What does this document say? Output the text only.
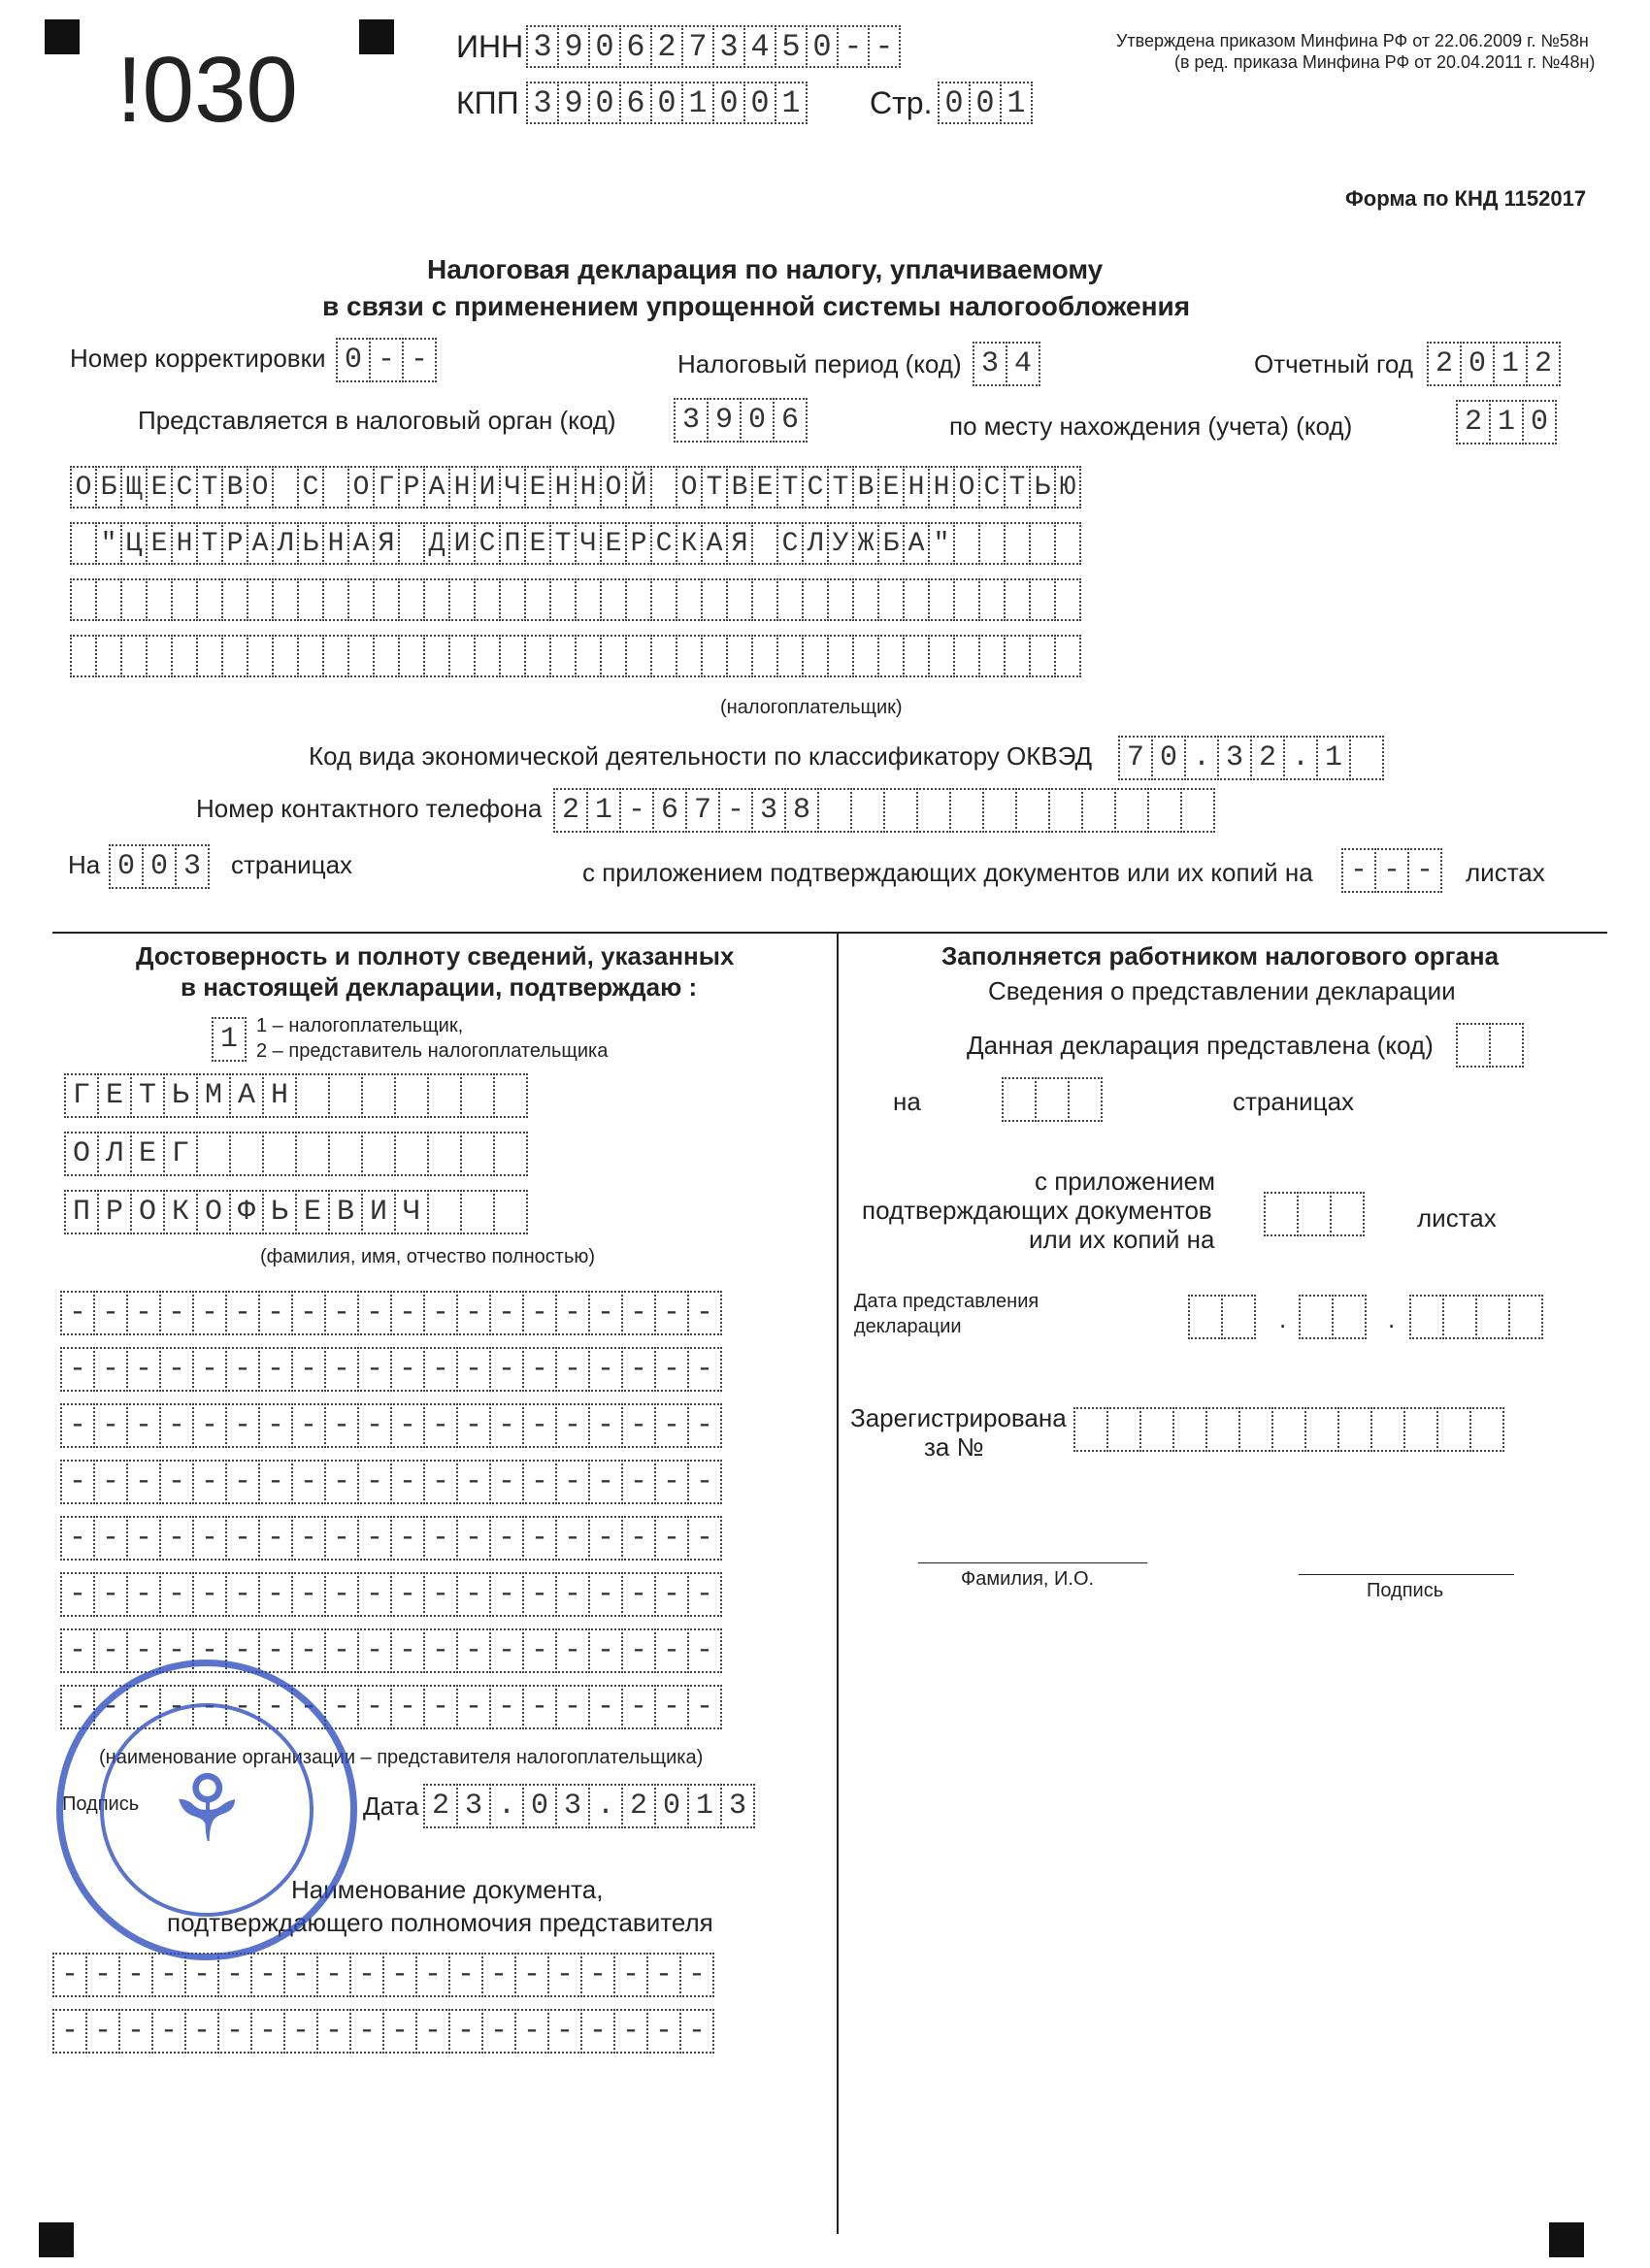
!030	ИНН 3 9 0 6 2 7 3 4 5 0 - -
КПП 3 9 0 6 0 1 0 0 1 Стр. 0 0 1
Утверждена приказом Минфина РФ от 22.06.2009 г. №58н
(в ред. приказа Минфина РФ от 20.04.2011 г. №48н)
Форма по КНД 1152017
Налоговая декларация по налогу, уплачиваемому
в связи с применением упрощенной системы налогообложения
Номер корректировки 0 - -	Налоговый период (код) 3 4	Отчетный год 2 0 1 2
Представляется в налоговый орган (код) 3 9 0 6	по месту нахождения (учета) (код)	2 1 0
О Б Щ Е С Т В О С О Г Р А Н И Ч Е Н Н О Й О Т В Е Т С Т В Е Н Н О С Т Ь Ю
" Ц Е Н Т Р А Л Ь Н А Я Д И С П Е Т Ч Е Р С К А Я С Л У Ж Б А "
(налогоплательщик)
Код вида экономической деятельности по классификатору ОКВЭД 7 0 . 3 2 . 1
Номер контактного телефона 2 1 - 6 7 - 3 8
На 0 0 3	страницах	с приложением подтверждающих документов или их копий на - - -	листах
Достоверность и полноту сведений, указанных
в настоящей декларации, подтверждаю :
1 1 – налогоплательщик,
2 – представитель налогоплательщика
Г Е Т Ь М А Н
О Л Е Г
П Р О К О Ф Ь Е В И Ч
(фамилия, имя, отчество полностью)
- - - - - - - - - - - - - - - - - - - -
- - - - - - - - - - - - - - - - - - - -
- - - - - - - - - - - - - - - - - - - -
- - - - - - - - - - - - - - - - - - - -
- - - - - - - - - - - - - - - - - - - -
- - - - - - - - - - - - - - - - - - - -
- - - - - - - - - - - - - - - - - - - -
- - - - - - - - - - - - - - - - - - - -
(наименование организации – представителя налогоплательщика)
Подпись	Дата 2 3 . 0 3 . 2 0 1 3
Наименование документа,
подтверждающего полномочия представителя
- - - - - - - - - - - - - - - - - - - -
- - - - - - - - - - - - - - - - - - - -
⚘
Заполняется работником налогового органа
Сведения о представлении декларации
Данная декларация представлена (код)
на	страницах
с приложением
подтверждающих документов
или их копий на
листах
Дата представления
декларации	.	.
Зарегистрирована
за №
Фамилия, И.О.
Подпись
